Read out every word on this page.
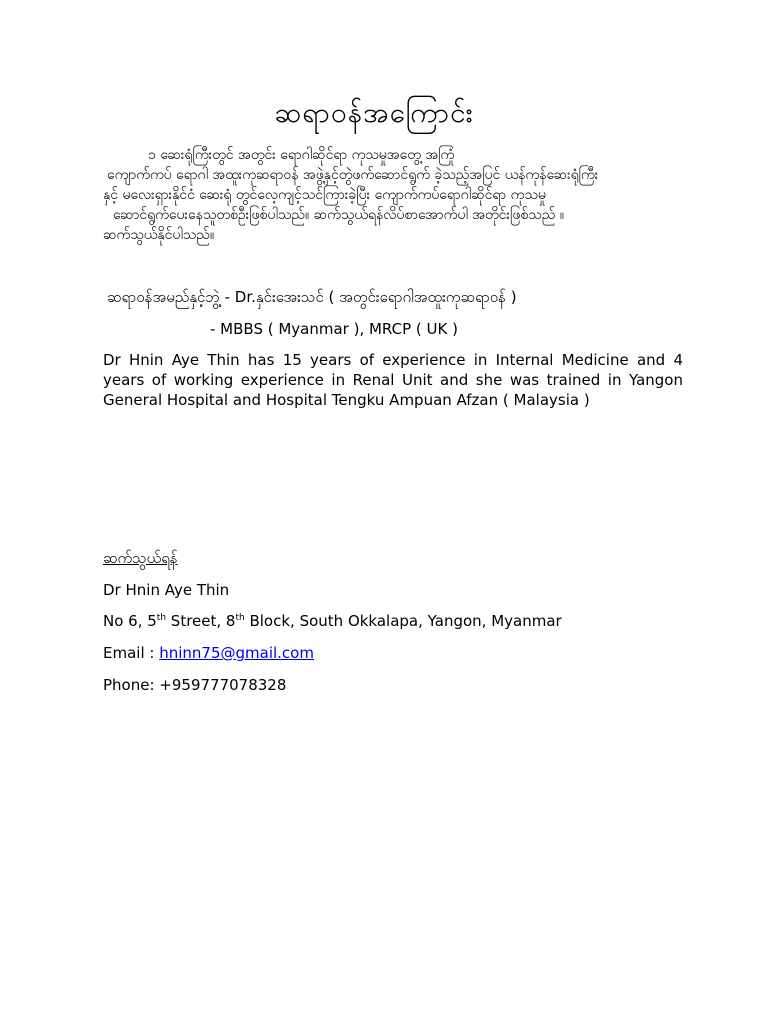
ဆရာဝန်အကြောင်း
၁ ဆေးရုံကြီးတွင် အတွင်း ရောဂါဆိုင်ရာ ကုသမှုအတွေ့ အကြုံ
ကျောက်ကပ် ရောဂါ အထူးကုဆရာဝန် အဖွဲ့နှင့်တွဲဖက်ဆောင်ရွက် ခဲ့သည့်အပြင် ယန်ကုန်ဆေးရုံကြီး
နှင့် မလေးရှားနိုင်ငံ ဆေးရုံ တွင်လေ့ကျင့်သင်ကြားခဲ့ပြီး ကျောက်ကပ်ရောဂါဆိုင်ရာ ကုသမှု
ဆောင်ရွက်ပေးနေသူတစ်ဦးဖြစ်ပါသည်။ ဆက်သွယ်ရန်လိပ်စာအောက်ပါ အတိုင်းဖြစ်သည် ။
ဆက်သွယ်နိုင်ပါသည်။
ဆရာဝန်အမည်နှင့်ဘွဲ့ - Dr.နှင်းအေးသင် ( အတွင်းရောဂါအထူးကုဆရာဝန် )
- MBBS ( Myanmar ), MRCP ( UK )
Dr Hnin Aye Thin has 15 years of experience in Internal Medicine and 4 years of working experience in Renal Unit and she was trained in Yangon General Hospital and Hospital Tengku Ampuan Afzan ( Malaysia )
ဆက်သွယ်ရန်
Dr Hnin Aye Thin
No 6, 5th Street, 8th Block, South Okkalapa, Yangon, Myanmar
Email : hninn75@gmail.com
Phone: +959777078328
